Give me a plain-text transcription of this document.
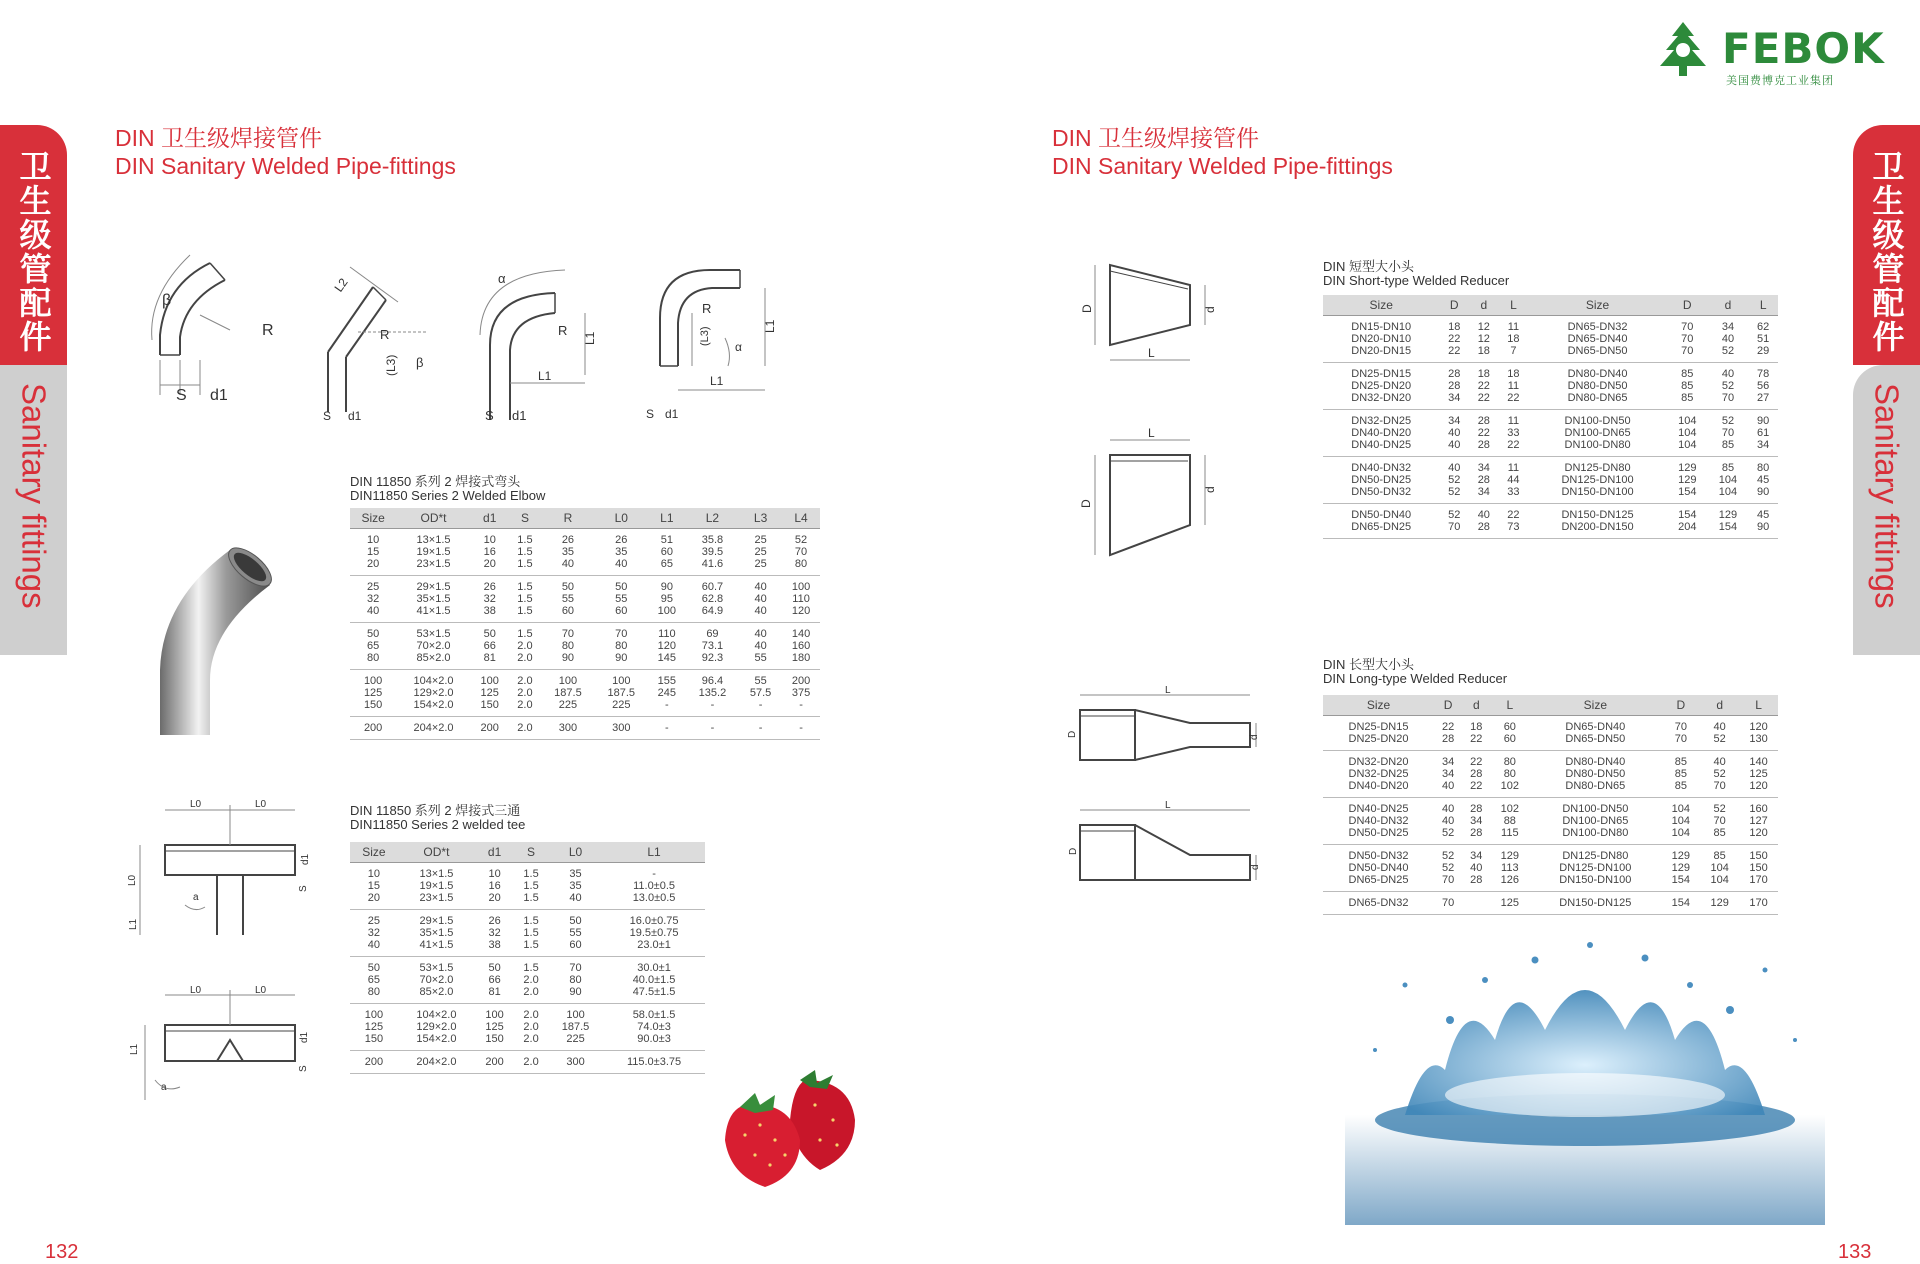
FEBOK
美国费博克工业集团
卫生级管配件
Sanitary fittings
卫生级管配件
Sanitary fittings
DIN 卫生级焊接管件
DIN Sanitary Welded Pipe-fittings
DIN 卫生级焊接管件
DIN Sanitary Welded Pipe-fittings
β
R
S d1
L2
R
(L3) β
S d1
α
R
L1
L1
S d1
R
(L3)
α
L1
L1
S d1
DIN 11850 系列 2 焊接式弯头
DIN11850 Series 2 Welded Elbow
Size	OD*t	d1	S	R	L0	L1	L2	L3	L4
10	13×1.5	10	1.5	26	26	51	35.8	25	52
15	19×1.5	16	1.5	35	35	60	39.5	25	70
20	23×1.5	20	1.5	40	40	65	41.6	25	80
25	29×1.5	26	1.5	50	50	90	60.7	40	100
32	35×1.5	32	1.5	55	55	95	62.8	40	110
40	41×1.5	38	1.5	60	60	100	64.9	40	120
50	53×1.5	50	1.5	70	70	110	69	40	140
65	70×2.0	66	2.0	80	80	120	73.1	40	160
80	85×2.0	81	2.0	90	90	145	92.3	55	180
100	104×2.0	100	2.0	100	100	155	96.4	55	200
125	129×2.0	125	2.0	187.5	187.5	245	135.2	57.5	375
150	154×2.0	150	2.0	225	225	-	-	-	-
200	204×2.0	200	2.0	300	300	-	-	-	-
L0	L0
L0
L1
a
d1
S
L0	L0
L1
a
d1
S
DIN 11850 系列 2 焊接式三通
DIN11850 Series 2 welded tee
Size	OD*t	d1	S	L0	L1
10	13×1.5	10	1.5	35	-
15	19×1.5	16	1.5	35	11.0±0.5
20	23×1.5	20	1.5	40	13.0±0.5
25	29×1.5	26	1.5	50	16.0±0.75
32	35×1.5	32	1.5	55	19.5±0.75
40	41×1.5	38	1.5	60	23.0±1
50	53×1.5	50	1.5	70	30.0±1
65	70×2.0	66	2.0	80	40.0±1.5
80	85×2.0	81	2.0	90	47.5±1.5
100	104×2.0	100	2.0	100	58.0±1.5
125	129×2.0	125	2.0	187.5	74.0±3
150	154×2.0	150	2.0	225	90.0±3
200	204×2.0	200	2.0	300	115.0±3.75
D	d
L
L
D
d
DIN 短型大小头
DIN Short-type Welded Reducer
Size	D	d	L	Size	D	d	L
DN15-DN10	18	12	11	DN65-DN32	70	34	62
DN20-DN10	22	12	18	DN65-DN40	70	40	51
DN20-DN15	22	18	7	DN65-DN50	70	52	29
DN25-DN15	28	18	18	DN80-DN40	85	40	78
DN25-DN20	28	22	11	DN80-DN50	85	52	56
DN32-DN20	34	22	22	DN80-DN65	85	70	27
DN32-DN25	34	28	11	DN100-DN50	104	52	90
DN40-DN20	40	22	33	DN100-DN65	104	70	61
DN40-DN25	40	28	22	DN100-DN80	104	85	34
DN40-DN32	40	34	11	DN125-DN80	129	85	80
DN50-DN25	52	28	44	DN125-DN100	129	104	45
DN50-DN32	52	34	33	DN150-DN100	154	104	90
DN50-DN40	52	40	22	DN150-DN125	154	129	45
DN65-DN25	70	28	73	DN200-DN150	204	154	90
L
D	d
L
D
d
DIN 长型大小头
DIN Long-type Welded Reducer
Size	D	d	L	Size	D	d	L
DN25-DN15	22	18	60	DN65-DN40	70	40	120
DN25-DN20	28	22	60	DN65-DN50	70	52	130
DN32-DN20	34	22	80	DN80-DN40	85	40	140
DN32-DN25	34	28	80	DN80-DN50	85	52	125
DN40-DN20	40	22	102	DN80-DN65	85	70	120
DN40-DN25	40	28	102	DN100-DN50	104	52	160
DN40-DN32	40	34	88	DN100-DN65	104	70	127
DN50-DN25	52	28	115	DN100-DN80	104	85	120
DN50-DN32	52	34	129	DN125-DN80	129	85	150
DN50-DN40	52	40	113	DN125-DN100	129	104	150
DN65-DN25	70	28	126	DN150-DN100	154	104	170
DN65-DN32	70		125	DN150-DN125	154	129	170
132	133
